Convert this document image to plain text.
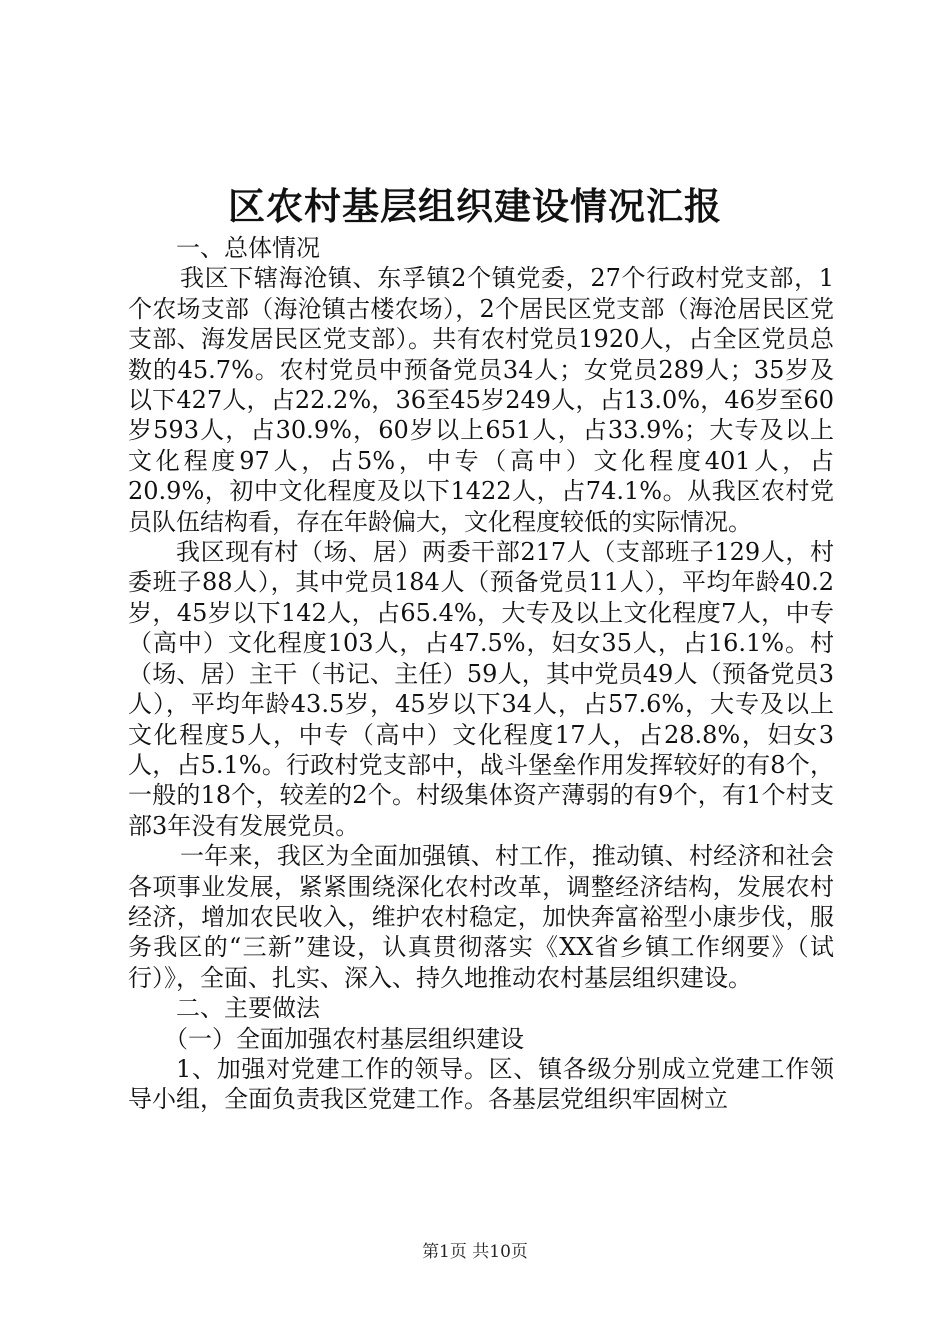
区农村基层组织建设情况汇报

一、总体情况

我区下辖海沧镇、东孚镇2个镇党委，27个行政村党支部，1个农场支部（海沧镇古楼农场），2个居民区党支部（海沧居民区党支部、海发居民区党支部）。共有农村党员1920人，占全区党员总数的45.7%。农村党员中预备党员34人；女党员289人；35岁及以下427人，占22.2%，36至45岁249人，占13.0%，46岁至60岁593人，占30.9%，60岁以上651人，占33.9%；大专及以上文化程度97人，占5%，中专（高中）文化程度401人，占20.9%，初中文化程度及以下1422人，占74.1%。从我区农村党员队伍结构看，存在年龄偏大，文化程度较低的实际情况。

我区现有村（场、居）两委干部217人（支部班子129人，村委班子88人），其中党员184人（预备党员11人），平均年龄40.2岁，45岁以下142人，占65.4%，大专及以上文化程度7人，中专（高中）文化程度103人，占47.5%，妇女35人，占16.1%。村（场、居）主干（书记、主任）59人，其中党员49人（预备党员3人），平均年龄43.5岁，45岁以下34人，占57.6%，大专及以上文化程度5人，中专（高中）文化程度17人，占28.8%，妇女3人，占5.1%。行政村党支部中，战斗堡垒作用发挥较好的有8个，一般的18个，较差的2个。村级集体资产薄弱的有9个，有1个村支部3年没有发展党员。

一年来，我区为全面加强镇、村工作，推动镇、村经济和社会各项事业发展，紧紧围绕深化农村改革，调整经济结构，发展农村经济，增加农民收入，维护农村稳定，加快奔富裕型小康步伐，服务我区的“三新”建设，认真贯彻落实《XX省乡镇工作纲要》（试行）》，全面、扎实、深入、持久地推动农村基层组织建设。

二、主要做法

（一）全面加强农村基层组织建设

1、加强对党建工作的领导。区、镇各级分别成立党建工作领导小组，全面负责我区党建工作。各基层党组织牢固树立

第1页 共10页
